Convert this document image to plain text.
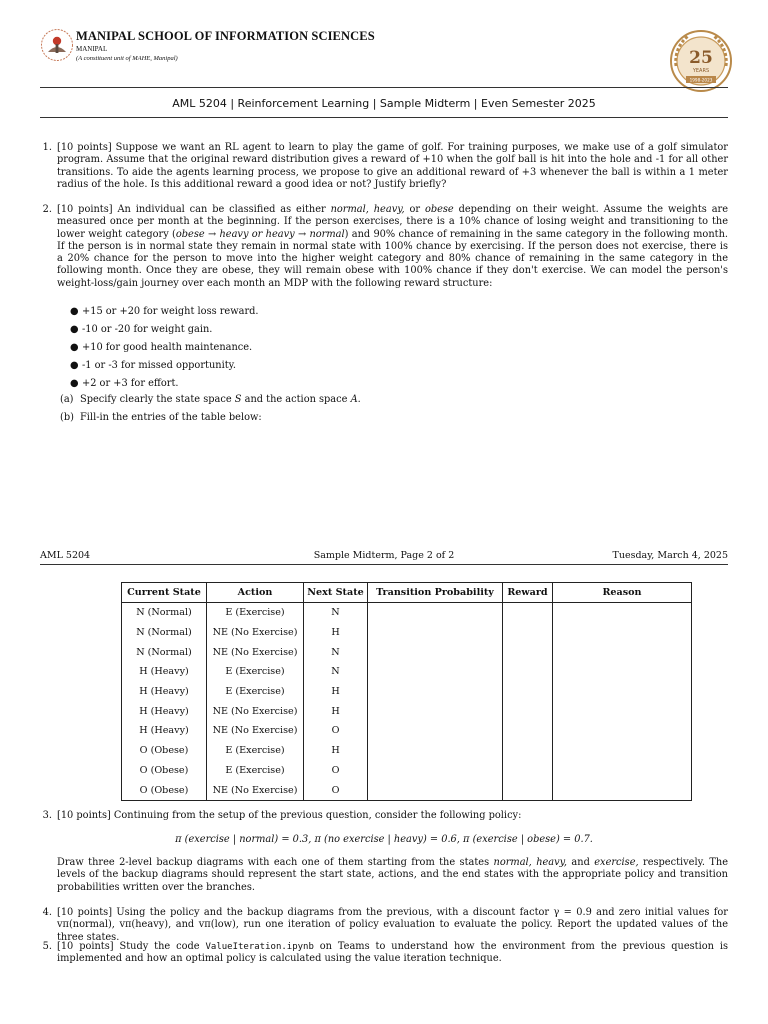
MANIPAL SCHOOL OF INFORMATION SCIENCES
MANIPAL
(A constituent unit of MAHE, Manipal)	25
YEARS
1998-2023
AML 5204 | Reinforcement Learning | Sample Midterm | Even Semester 2025
1. [10 points] Suppose we want an RL agent to learn to play the game of golf. For training purposes, we make use of a golf simulator program. Assume that the original reward distribution gives a reward of +10 when the golf ball is hit into the hole and -1 for all other transitions. To aide the agents learning process, we propose to give an additional reward of +3 whenever the ball is within a 1 meter radius of the hole. Is this additional reward a good idea or not? Justify briefly?
2. [10 points] An individual can be classified as either normal, heavy, or obese depending on their weight. Assume the weights are measured once per month at the beginning. If the person exercises, there is a 10% chance of losing weight and transitioning to the lower weight category (obese → heavy or heavy → normal) and 90% chance of remaining in the same category in the following month. If the person is in normal state they remain in normal state with 100% chance by exercising. If the person does not exercise, there is a 20% chance for the person to move into the higher weight category and 80% chance of remaining in the same category in the following month. Once they are obese, they will remain obese with 100% chance if they don't exercise. We can model the person's weight-loss/gain journey over each month an MDP with the following reward structure:
● +15 or +20 for weight loss reward.
● -10 or -20 for weight gain.
● +10 for good health maintenance.
● -1 or -3 for missed opportunity.
● +2 or +3 for effort.
(a) Specify clearly the state space S and the action space A.
(b) Fill-in the entries of the table below:
AML 5204	Sample Midterm, Page 2 of 2	Tuesday, March 4, 2025
Current State	Action	Next State	Transition Probability	Reward	Reason
N (Normal)	E (Exercise)	N			
N (Normal)	NE (No Exercise)	H			
N (Normal)	NE (No Exercise)	N			
H (Heavy)	E (Exercise)	N			
H (Heavy)	E (Exercise)	H			
H (Heavy)	NE (No Exercise)	H			
H (Heavy)	NE (No Exercise)	O			
O (Obese)	E (Exercise)	H			
O (Obese)	E (Exercise)	O			
O (Obese)	NE (No Exercise)	O			
3. [10 points] Continuing from the setup of the previous question, consider the following policy:
π (exercise | normal) = 0.3, π (no exercise | heavy) = 0.6, π (exercise | obese) = 0.7.
Draw three 2-level backup diagrams with each one of them starting from the states normal, heavy, and exercise, respectively. The levels of the backup diagrams should represent the start state, actions, and the end states with the appropriate policy and transition probabilities written over the branches.
4. [10 points] Using the policy and the backup diagrams from the previous, with a discount factor γ = 0.9 and zero initial values for vπ(normal), vπ(heavy), and vπ(low), run one iteration of policy evaluation to evaluate the policy. Report the updated values of the three states.
5. [10 points] Study the code ValueIteration.ipynb on Teams to understand how the environment from the previous question is implemented and how an optimal policy is calculated using the value iteration technique.
